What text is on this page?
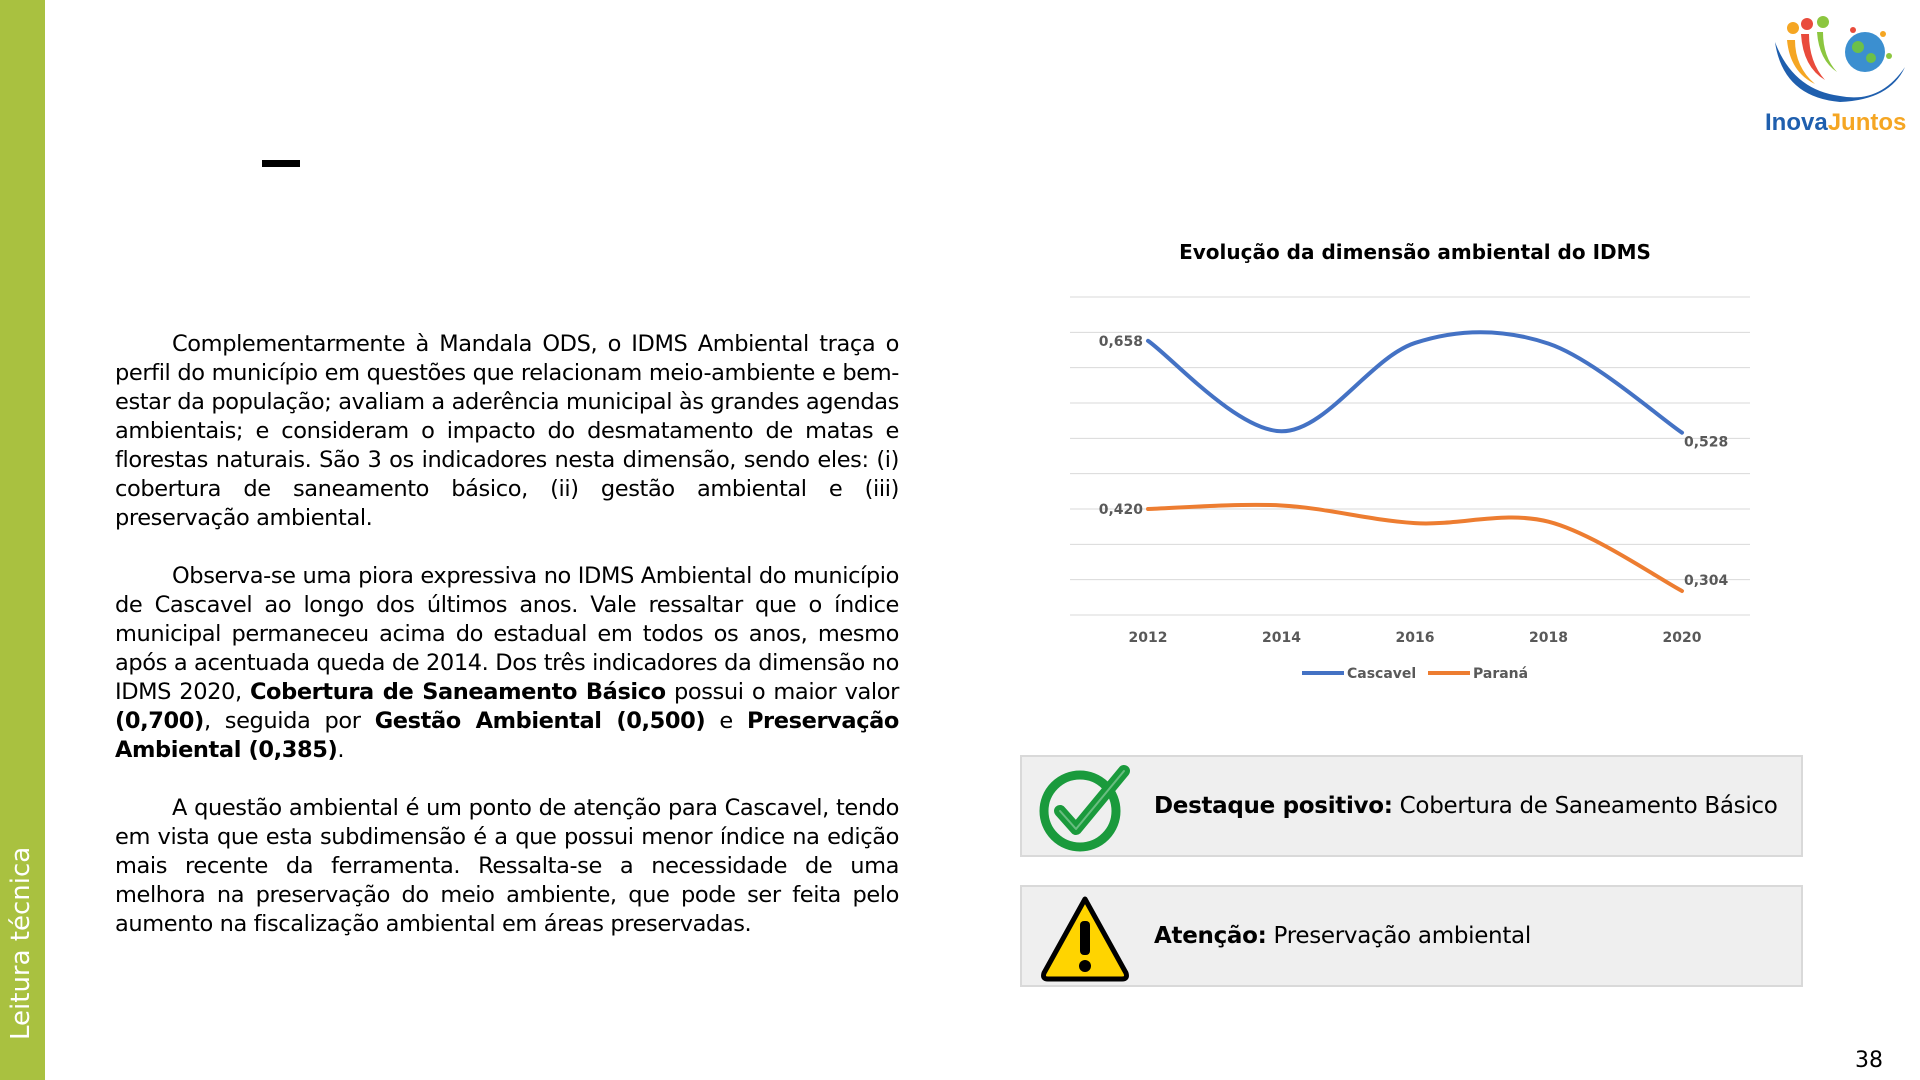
Leitura técnica
InovaJuntos

Complementarmente à Mandala ODS, o IDMS Ambiental traça o perfil do município em questões que relacionam meio-ambiente e bem-estar da população; avaliam a aderência municipal às grandes agendas ambientais; e consideram o impacto do desmatamento de matas e florestas naturais. São 3 os indicadores nesta dimensão, sendo eles: (i) cobertura de saneamento básico, (ii) gestão ambiental e (iii) preservação ambiental.

Observa-se uma piora expressiva no IDMS Ambiental do município de Cascavel ao longo dos últimos anos. Vale ressaltar que o índice municipal permaneceu acima do estadual em todos os anos, mesmo após a acentuada queda de 2014. Dos três indicadores da dimensão no IDMS 2020, Cobertura de Saneamento Básico possui o maior valor (0,700), seguida por Gestão Ambiental (0,500) e Preservação Ambiental (0,385).

A questão ambiental é um ponto de atenção para Cascavel, tendo em vista que esta subdimensão é a que possui menor índice na edição mais recente da ferramenta. Ressalta-se a necessidade de uma melhora na preservação do meio ambiente, que pode ser feita pelo aumento na fiscalização ambiental em áreas preservadas.

Evolução da dimensão ambiental do IDMS
0,658
0,528
0,420
0,304
2012	2014	2016	2018	2020
Cascavel	Paraná
Destaque positivo: Cobertura de Saneamento Básico
Atenção: Preservação ambiental
38
